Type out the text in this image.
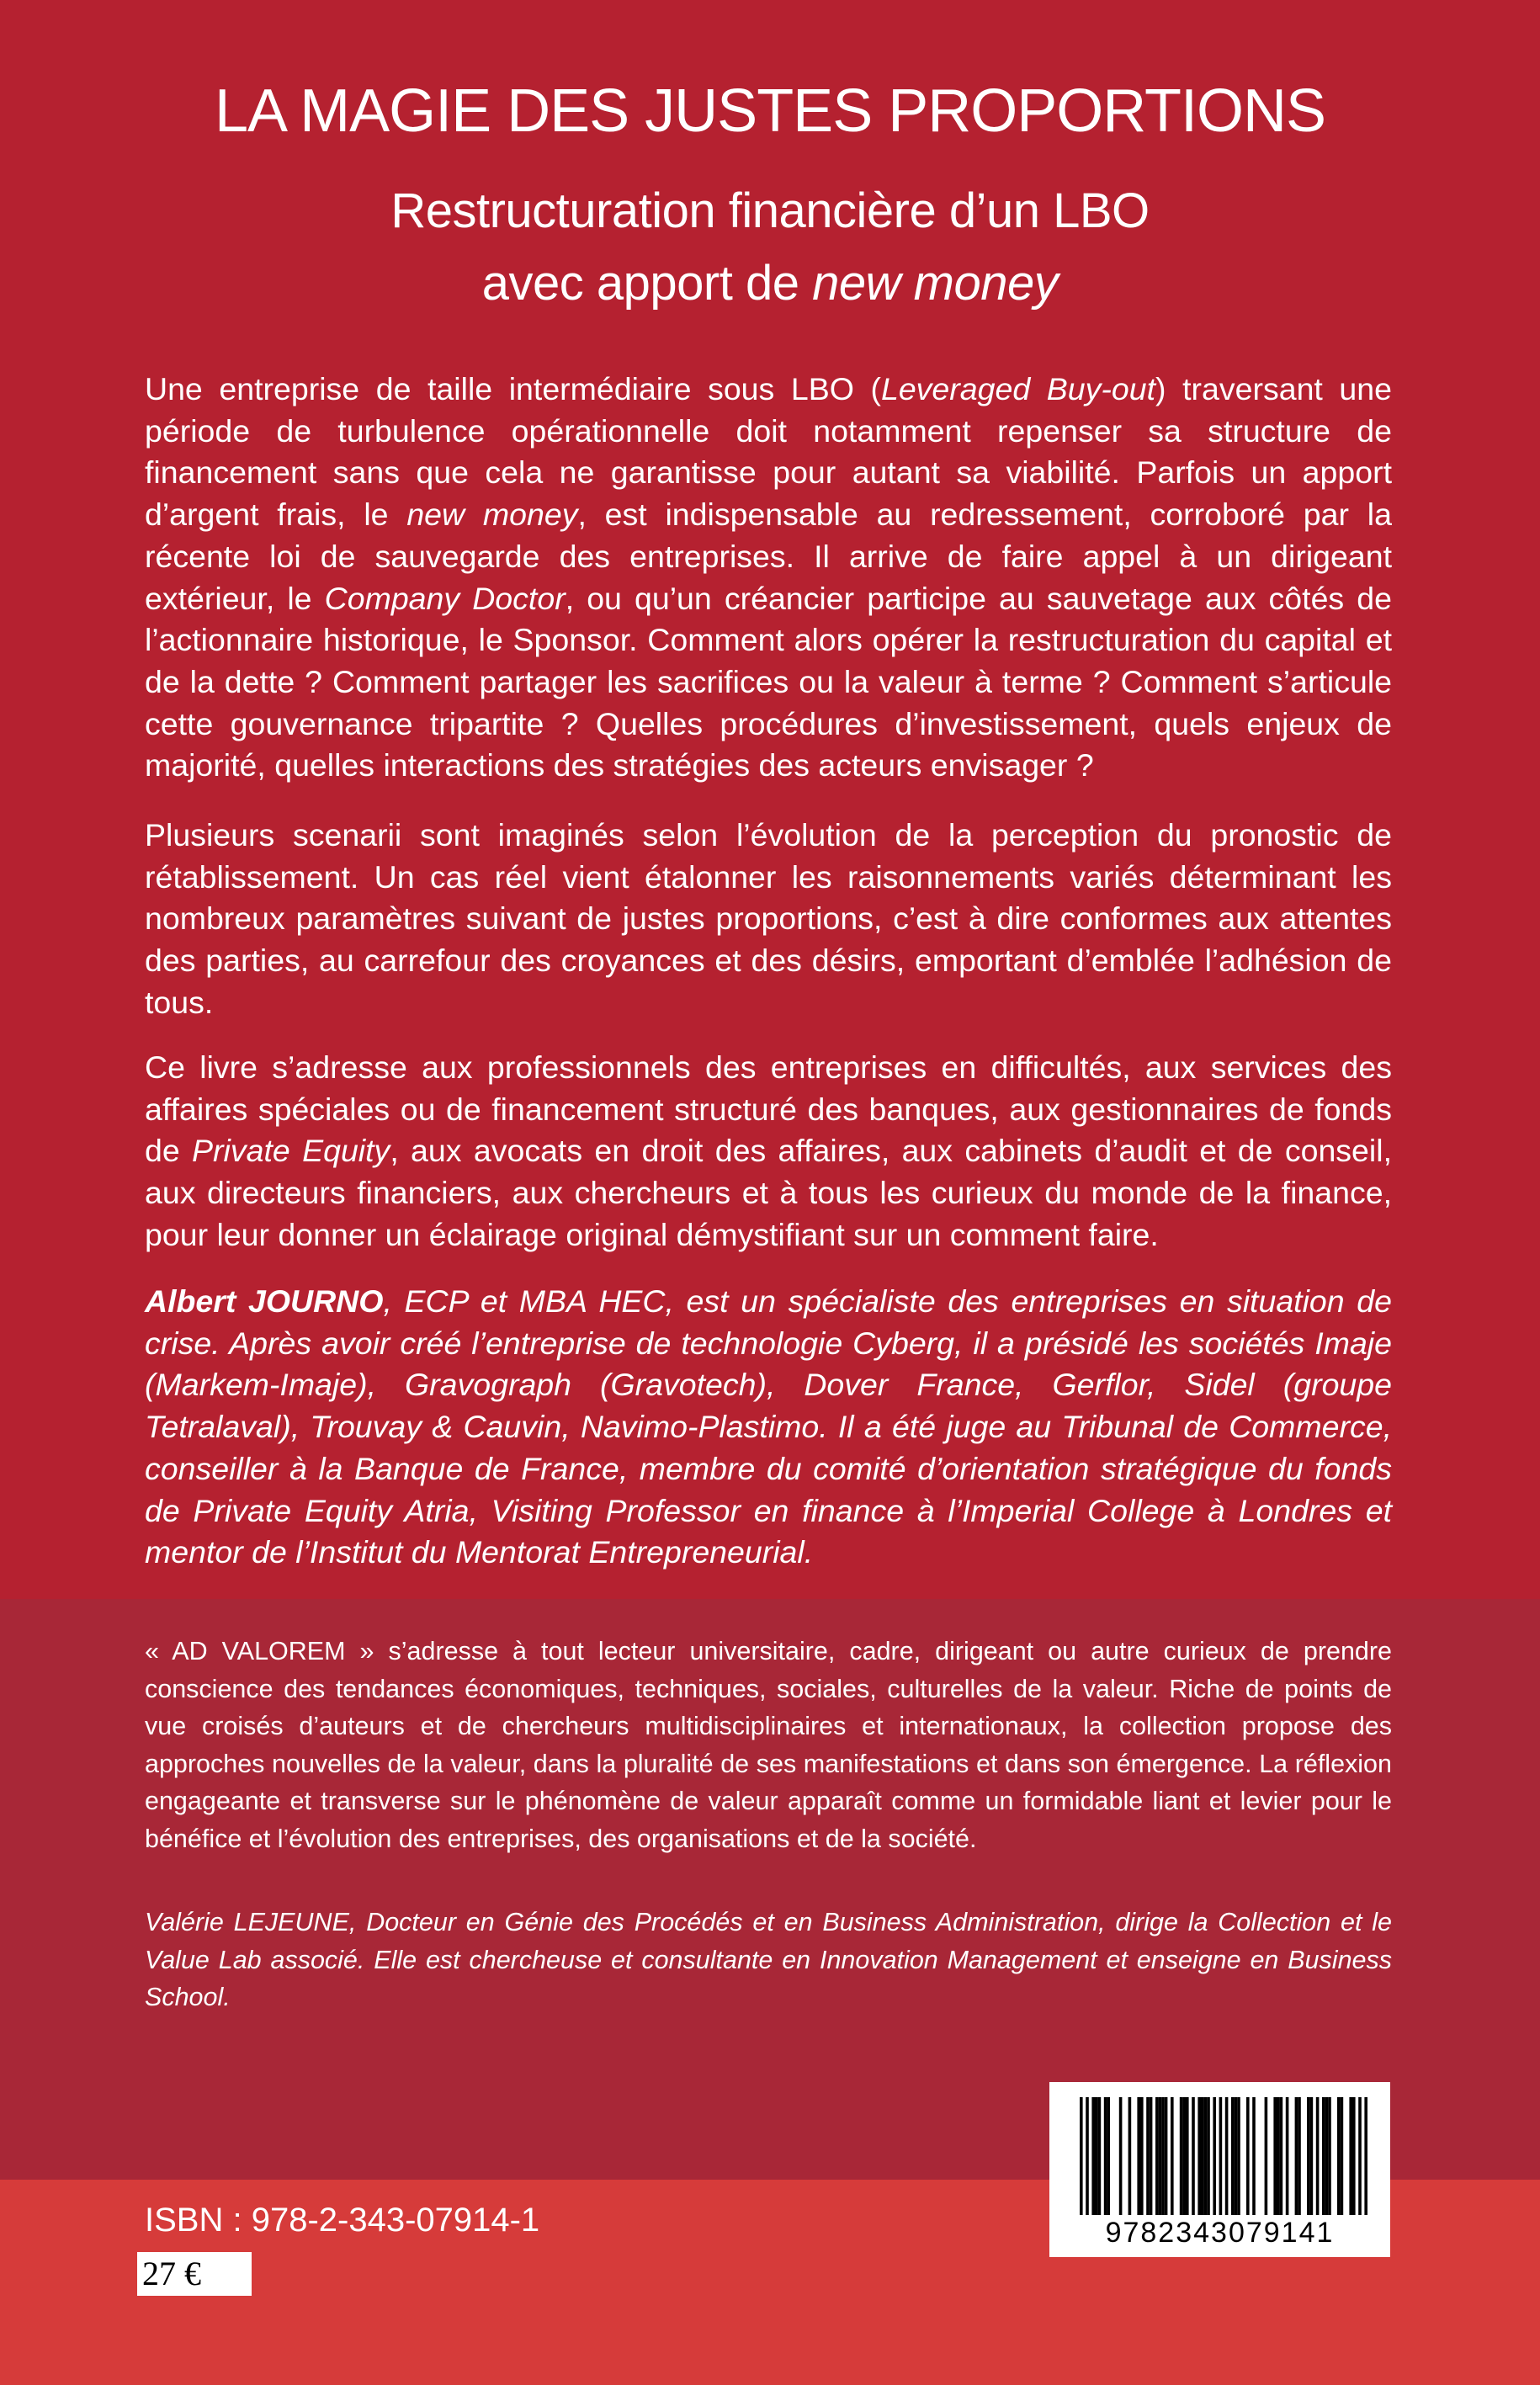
LA MAGIE DES JUSTES PROPORTIONS
Restructuration financière d’un LBO
avec apport de new money
Une entreprise de taille intermédiaire sous LBO (Leveraged Buy-out) traversant une période de turbulence opérationnelle doit notamment repenser sa structure de financement sans que cela ne garantisse pour autant sa viabilité. Parfois un apport d’argent frais, le new money, est indispensable au redressement, corroboré par la récente loi de sauvegarde des entreprises. Il arrive de faire appel à un dirigeant extérieur, le Company Doctor, ou qu’un créancier participe au sauvetage aux côtés de l’actionnaire historique, le Sponsor. Comment alors opérer la restructuration du capital et de la dette ? Comment partager les sacrifices ou la valeur à terme ? Comment s’articule cette gouvernance tripartite ? Quelles procédures d’investissement, quels enjeux de majorité, quelles interactions des stratégies des acteurs envisager ?
Plusieurs scenarii sont imaginés selon l’évolution de la perception du pronostic de rétablissement. Un cas réel vient étalonner les raisonnements variés déterminant les nombreux paramètres suivant de justes proportions, c’est à dire conformes aux attentes des parties, au carrefour des croyances et des désirs, emportant d’emblée l’adhésion de tous.
Ce livre s’adresse aux professionnels des entreprises en difficultés, aux services des affaires spéciales ou de financement structuré des banques, aux gestionnaires de fonds de Private Equity, aux avocats en droit des affaires, aux cabinets d’audit et de conseil, aux directeurs financiers, aux chercheurs et à tous les curieux du monde de la finance, pour leur donner un éclairage original démystifiant sur un comment faire.
Albert JOURNO, ECP et MBA HEC, est un spécialiste des entreprises en situation de crise. Après avoir créé l’entreprise de technologie Cyberg, il a présidé les sociétés Imaje (Markem-Imaje), Gravograph (Gravotech), Dover France, Gerflor, Sidel (groupe Tetralaval), Trouvay & Cauvin, Navimo-Plastimo. Il a été juge au Tribunal de Commerce, conseiller à la Banque de France, membre du comité d’orientation stratégique du fonds de Private Equity Atria, Visiting Professor en finance à l’Imperial College à Londres et mentor de l’Institut du Mentorat Entrepreneurial.
« AD VALOREM » s’adresse à tout lecteur universitaire, cadre, dirigeant ou autre curieux de prendre conscience des tendances économiques, techniques, sociales, culturelles de la valeur. Riche de points de vue croisés d’auteurs et de chercheurs multidisciplinaires et internationaux, la collection propose des approches nouvelles de la valeur, dans la pluralité de ses manifestations et dans son émergence. La réflexion engageante et transverse sur le phénomène de valeur apparaît comme un formidable liant et levier pour le bénéfice et l’évolution des entreprises, des organisations et de la société.
Valérie LEJEUNE, Docteur en Génie des Procédés et en Business Administration, dirige la Collection et le Value Lab associé. Elle est chercheuse et consultante en Innovation Management et enseigne en Business School.
ISBN : 978-2-343-07914-1
27 €
9782343079141
